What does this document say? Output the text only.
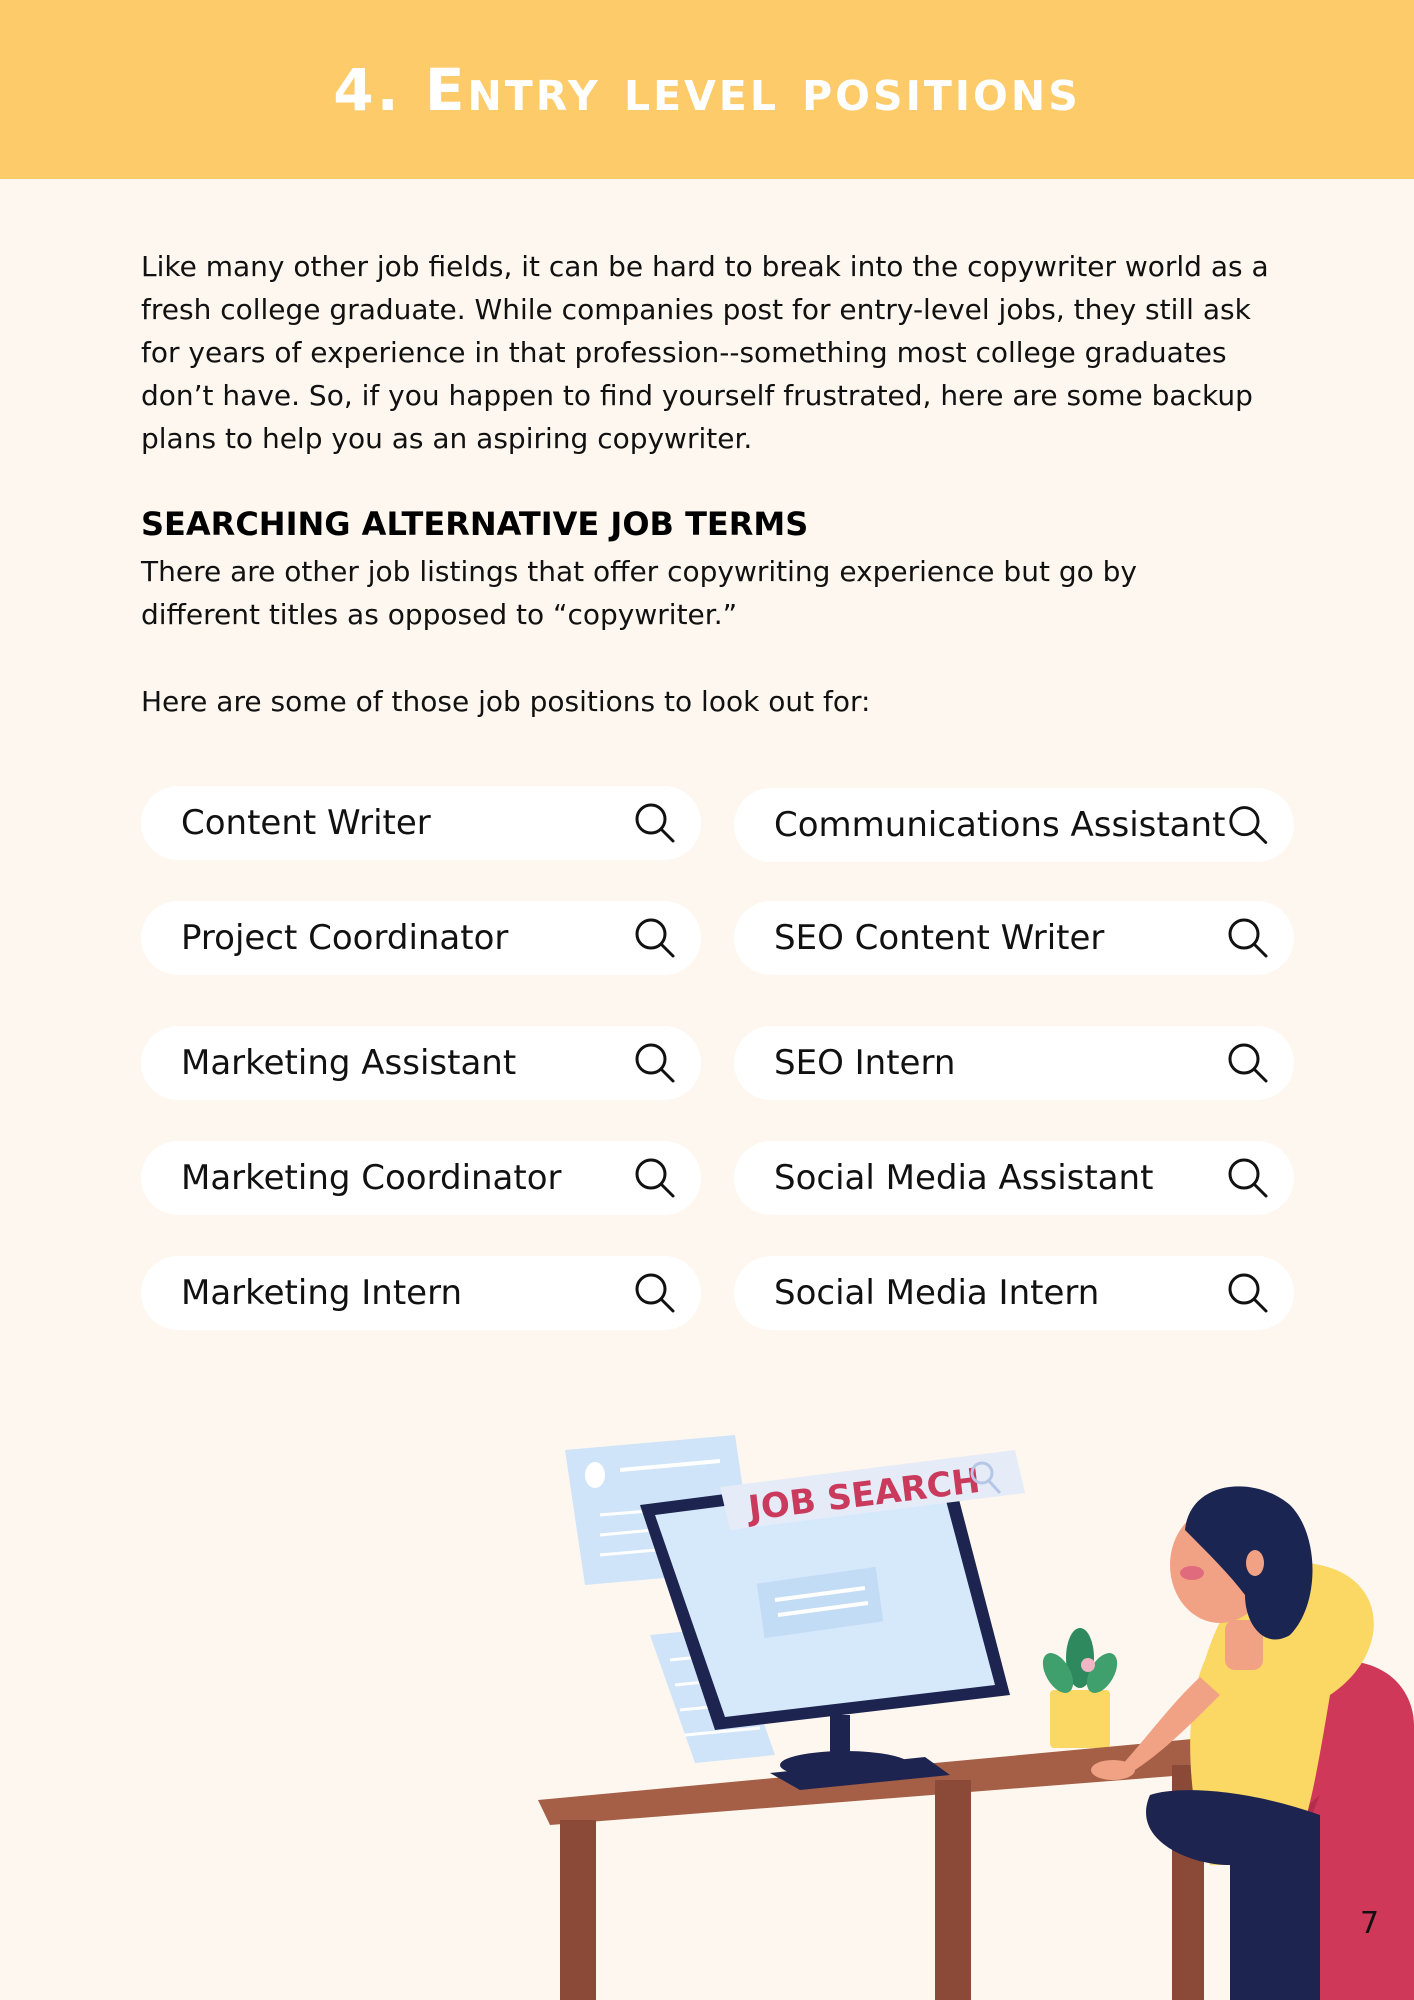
4. Entry level positions

Like many other job fields, it can be hard to break into the copywriter world as a fresh college graduate. While companies post for entry-level jobs, they still ask for years of experience in that profession--something most college graduates don’t have. So, if you happen to find yourself frustrated, here are some backup plans to help you as an aspiring copywriter.

SEARCHING ALTERNATIVE JOB TERMS

There are other job listings that offer copywriting experience but go by different titles as opposed to “copywriter.”

Here are some of those job positions to look out for:

Content Writer
Project Coordinator
Marketing Assistant
Marketing Coordinator
Marketing Intern
Communications Assistant
SEO Content Writer
SEO Intern
Social Media Assistant
Social Media Intern
JOB SEARCH
7
